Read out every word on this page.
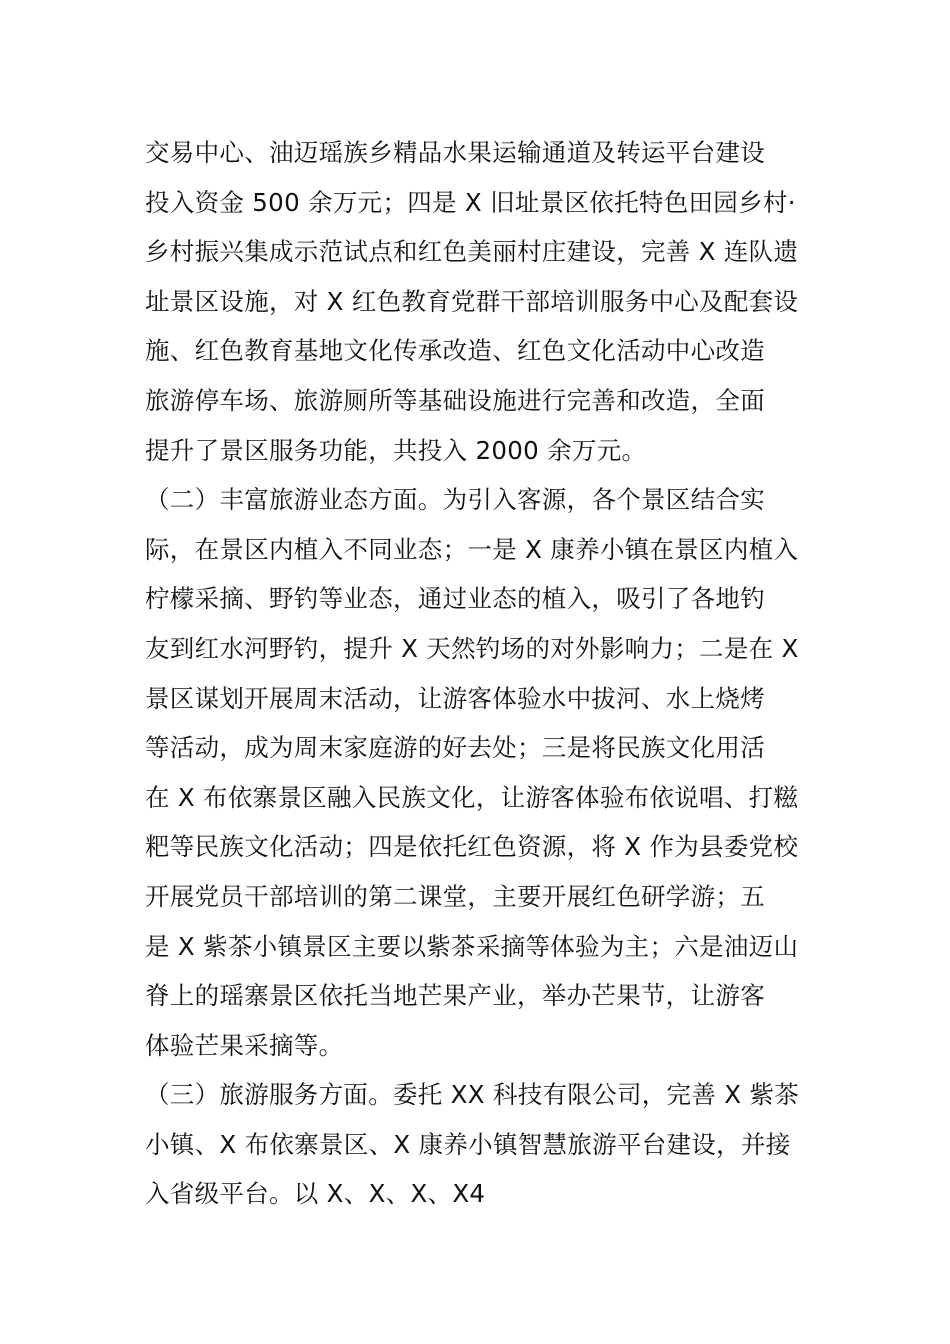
交易中心、油迈瑶族乡精品水果运输通道及转运平台建设
投入资金 500 余万元；四是 X 旧址景区依托特色田园乡村·
乡村振兴集成示范试点和红色美丽村庄建设，完善 X 连队遗
址景区设施，对 X 红色教育党群干部培训服务中心及配套设
施、红色教育基地文化传承改造、红色文化活动中心改造
旅游停车场、旅游厕所等基础设施进行完善和改造，全面
提升了景区服务功能，共投入 2000 余万元。
（二）丰富旅游业态方面。为引入客源，各个景区结合实
际，在景区内植入不同业态；一是 X 康养小镇在景区内植入
柠檬采摘、野钓等业态，通过业态的植入，吸引了各地钓
友到红水河野钓，提升 X 天然钓场的对外影响力；二是在 X
景区谋划开展周末活动，让游客体验水中拔河、水上烧烤
等活动，成为周末家庭游的好去处；三是将民族文化用活
在 X 布依寨景区融入民族文化，让游客体验布依说唱、打糍
粑等民族文化活动；四是依托红色资源，将 X 作为县委党校
开展党员干部培训的第二课堂，主要开展红色研学游；五
是 X 紫茶小镇景区主要以紫茶采摘等体验为主；六是油迈山
脊上的瑶寨景区依托当地芒果产业，举办芒果节，让游客
体验芒果采摘等。
（三）旅游服务方面。委托 XX 科技有限公司，完善 X 紫茶
小镇、X 布依寨景区、X 康养小镇智慧旅游平台建设，并接
入省级平台。以 X、X、X、X4
